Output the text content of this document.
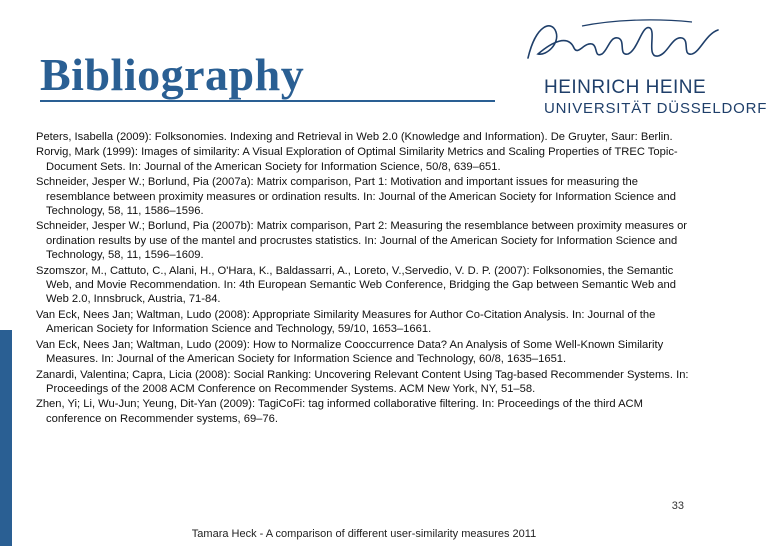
Bibliography	HEINRICH HEINE
UNIVERSITÄT DÜSSELDORF

Peters, Isabella (2009): Folksonomies. Indexing and Retrieval in Web 2.0 (Knowledge and Information). De Gruyter, Saur: Berlin.

Rorvig, Mark (1999): Images of similarity: A Visual Exploration of Optimal Similarity Metrics and Scaling Properties of TREC Topic-Document Sets. In: Journal of the American Society for Information Science, 50/8, 639–651.

Schneider, Jesper W.; Borlund, Pia (2007a): Matrix comparison, Part 1: Motivation and important issues for measuring the resemblance between proximity measures or ordination results. In: Journal of the American Society for Information Science and Technology, 58, 11, 1586–1596.

Schneider, Jesper W.; Borlund, Pia (2007b): Matrix comparison, Part 2: Measuring the resemblance between proximity measures or ordination results by use of the mantel and procrustes statistics. In: Journal of the American Society for Information Science and Technology, 58, 11, 1596–1609.

Szomszor, M., Cattuto, C., Alani, H., O'Hara, K., Baldassarri, A., Loreto, V.,Servedio, V. D. P. (2007): Folksonomies, the Semantic Web, and Movie Recommendation. In: 4th European Semantic Web Conference, Bridging the Gap between Semantic Web and Web 2.0, Innsbruck, Austria, 71-84.

Van Eck, Nees Jan; Waltman, Ludo (2008): Appropriate Similarity Measures for Author Co-Citation Analysis. In: Journal of the American Society for Information Science and Technology, 59/10, 1653–1661.

Van Eck, Nees Jan; Waltman, Ludo (2009): How to Normalize Cooccurrence Data? An Analysis of Some Well-Known Similarity Measures. In: Journal of the American Society for Information Science and Technology, 60/8, 1635–1651.

Zanardi, Valentina; Capra, Licia (2008): Social Ranking: Uncovering Relevant Content Using Tag-based Recommender Systems. In: Proceedings of the 2008 ACM Conference on Recommender Systems. ACM New York, NY, 51–58.

Zhen, Yi; Li, Wu-Jun; Yeung, Dit-Yan (2009): TagiCoFi: tag informed collaborative filtering. In: Proceedings of the third ACM conference on Recommender systems, 69–76.

33
Tamara Heck - A comparison of different user-similarity measures 2011
